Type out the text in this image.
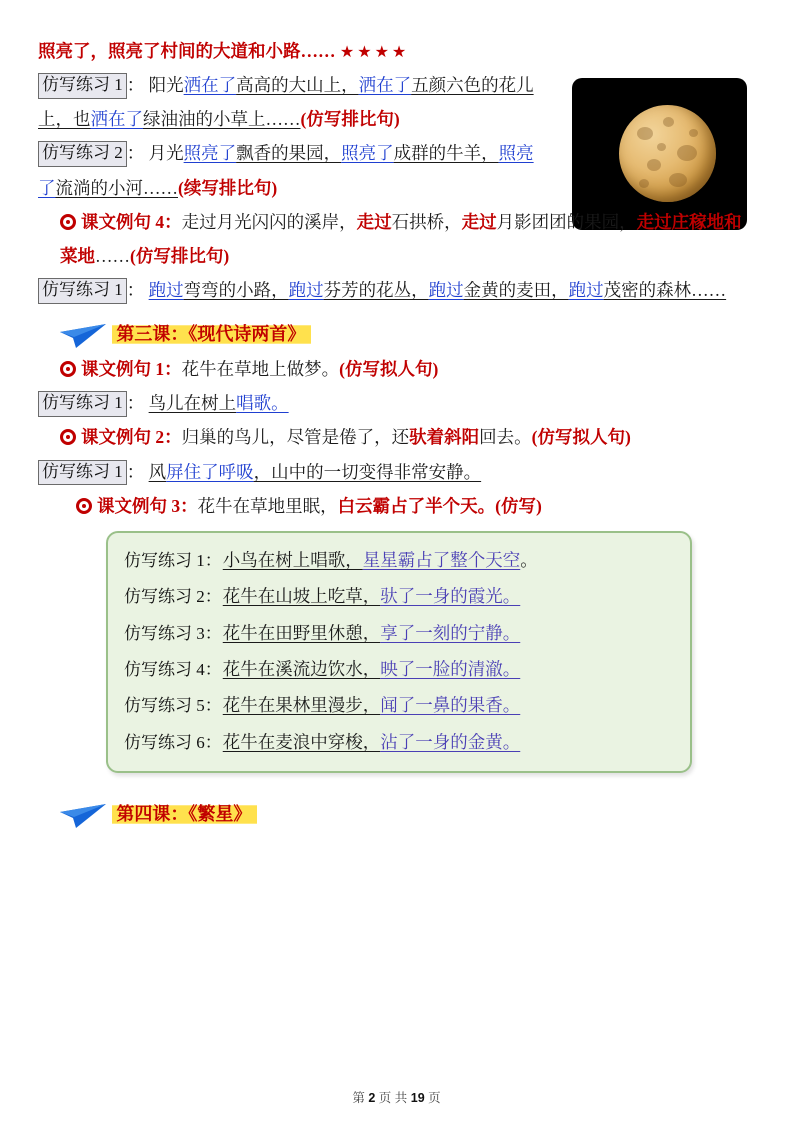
照亮了，照亮了村间的大道和小路…… ★★★★
仿写练习 1 ： 阳光洒在了高高的大山上，洒在了五颜六色的花儿上，也洒在了绿油油的小草上……(仿写排比句)
仿写练习 2 ： 月光照亮了飘香的果园，照亮了成群的牛羊，照亮了流淌的小河……(续写排比句)
课文例句 4：走过月光闪闪的溪岸，走过石拱桥，走过月影团团的果园，走过庄稼地和菜地……(仿写排比句)
仿写练习 1 ： 跑过弯弯的小路，跑过芬芳的花丛，跑过金黄的麦田，跑过茂密的森林……
第三课：《现代诗两首》
课文例句 1：花牛在草地上做梦。(仿写拟人句)
仿写练习 1 ： 鸟儿在树上唱歌。
课文例句 2：归巢的鸟儿，尽管是倦了，还驮着斜阳回去。(仿写拟人句)
仿写练习 1 ： 风屏住了呼吸，山中的一切变得非常安静。
课文例句 3：花牛在草地里眠，白云霸占了半个天。(仿写)
仿写练习 1：小鸟在树上唱歌，星星霸占了整个天空。
仿写练习 2：花牛在山坡上吃草，驮了一身的霞光。
仿写练习 3：花牛在田野里休憩，享了一刻的宁静。
仿写练习 4：花牛在溪流边饮水，映了一脸的清澈。
仿写练习 5：花牛在果林里漫步，闻了一鼻的果香。
仿写练习 6：花牛在麦浪中穿梭，沾了一身的金黄。
第四课：《繁星》
第 2 页 共 19 页
